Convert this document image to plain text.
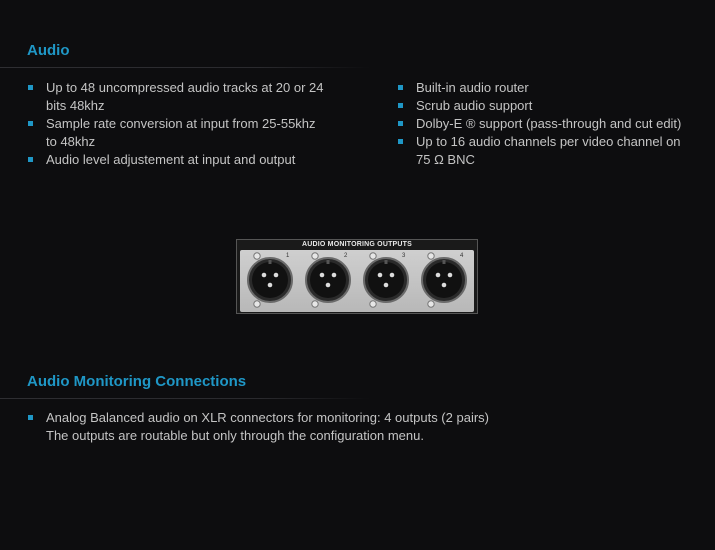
Audio
Up to 48 uncompressed audio tracks at 20 or 24
bits 48khz
Sample rate conversion at input from 25-55khz
to 48khz
Audio level adjustement at input and output
Built-in audio router
Scrub audio support
Dolby-E ® support (pass-through and cut edit)
Up to 16 audio channels per video channel on
75 Ω BNC
AUDIO MONITORING OUTPUTS
1	2	3	4
Audio Monitoring Connections
Analog Balanced audio on XLR connectors for monitoring: 4 outputs (2 pairs)
The outputs are routable but only through the configuration menu.
